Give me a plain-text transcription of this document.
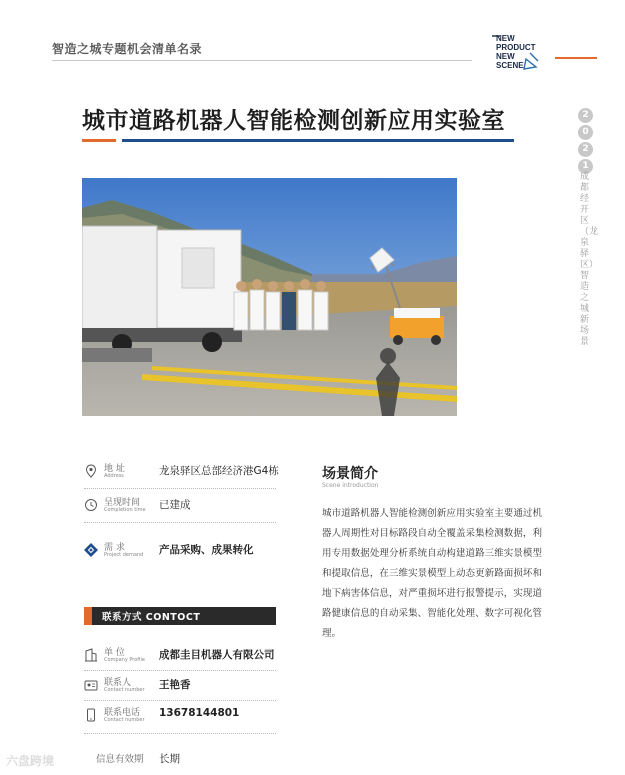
智造之城专题机会清单名录
NEW
PRODUCT
NEW
SCENE
2
0
2
1
成都经开区（龙泉驿区）智造之城新场景
城市道路机器人智能检测创新应用实验室
地 址
Address	龙泉驿区总部经济港G4栋
呈现时间
Completion time 已建成
需 求
Project demand 产品采购、成果转化
联系方式 CONTOCT
单 位
Company Profile 成都圭目机器人有限公司
联系人
Contact number 王艳香
联系电话
Contact number
13678144801
信息有效期 长期
场景简介
Scene introduction
城市道路机器人智能检测创新应用实验室主要通过机器人周期性对目标路段自动全覆盖采集检测数据，利用专用数据处理分析系统自动构建道路三维实景模型和提取信息，在三维实景模型上动态更新路面损坏和地下病害体信息，对严重损坏进行报警提示，实现道路健康信息的自动采集、智能化处理、数字可视化管理。
六盘跨境
